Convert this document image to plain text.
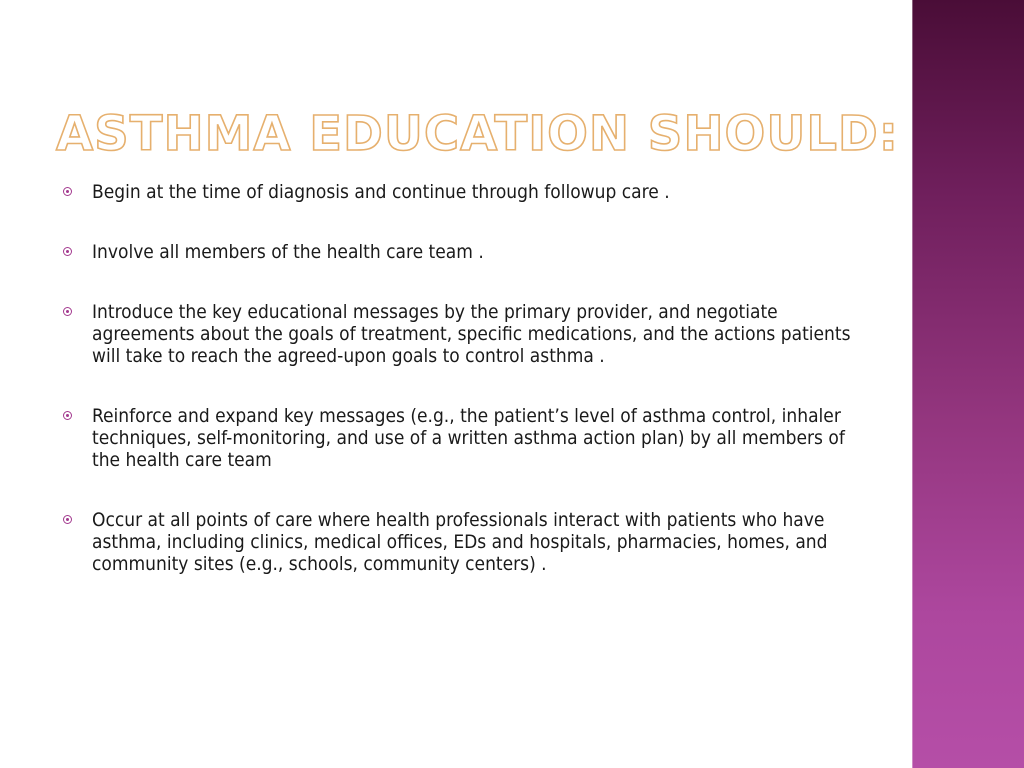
ASTHMA EDUCATION SHOULD:
Begin at the time of diagnosis and continue through followup care .
Involve all members of the health care team .
Introduce the key educational messages by the primary provider, and negotiate agreements about the goals of treatment, specific medications, and the actions patients will take to reach the agreed-upon goals to control asthma .
Reinforce and expand key messages (e.g., the patient’s level of asthma control, inhaler techniques, self-monitoring, and use of a written asthma action plan) by all members of the health care team
Occur at all points of care where health professionals interact with patients who have asthma, including clinics, medical offices, EDs and hospitals, pharmacies, homes, and community sites (e.g., schools, community centers) .
